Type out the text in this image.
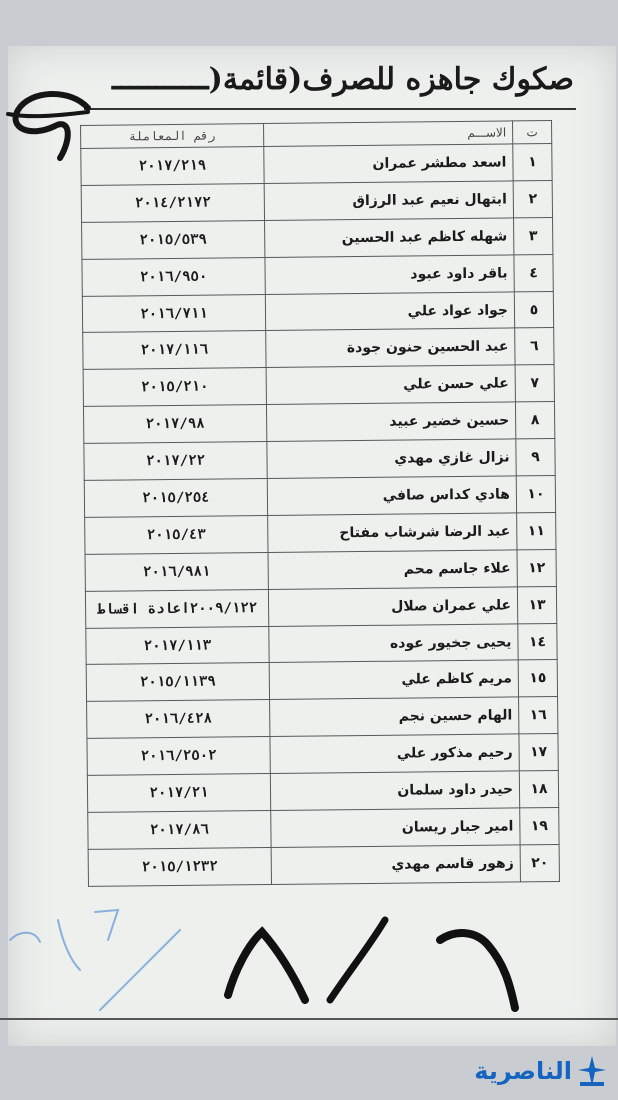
صكوك جاهزه للصرف(قائمة(ـــــــــــ
ت	الاســـم	رقم المعاملة
١	اسعد مطشر عمران	٢٠١٧/٢١٩
٢	ابتهال نعيم عبد الرزاق	٢٠١٤/٢١٧٢
٣	شهله كاظم عبد الحسين	٢٠١٥/٥٣٩
٤	باقر داود عبود	٢٠١٦/٩٥٠
٥	جواد عواد علي	٢٠١٦/٧١١
٦	عبد الحسين حنون جودة	٢٠١٧/١١٦
٧	علي حسن علي	٢٠١٥/٢١٠
٨	حسين خضير عبيد	٢٠١٧/٩٨
٩	نزال غازي مهدي	٢٠١٧/٢٢
١٠	هادي كداس صافي	٢٠١٥/٢٥٤
١١	عبد الرضا شرشاب مفتاح	٢٠١٥/٤٣
١٢	علاء جاسم محم	٢٠١٦/٩٨١
١٣	علي عمران صلال	٢٠٠٩/١٢٢اعادة اقساط
١٤	يحيى جخيور عوده	٢٠١٧/١١٣
١٥	مريم كاظم علي	٢٠١٥/١١٣٩
١٦	الهام حسين نجم	٢٠١٦/٤٢٨
١٧	رحيم مذكور علي	٢٠١٦/٢٥٠٢
١٨	حيدر داود سلمان	٢٠١٧/٢١
١٩	امير جبار ريسان	٢٠١٧/٨٦
٢٠	زهور قاسم مهدي	٢٠١٥/١٢٣٢
الناصرية
